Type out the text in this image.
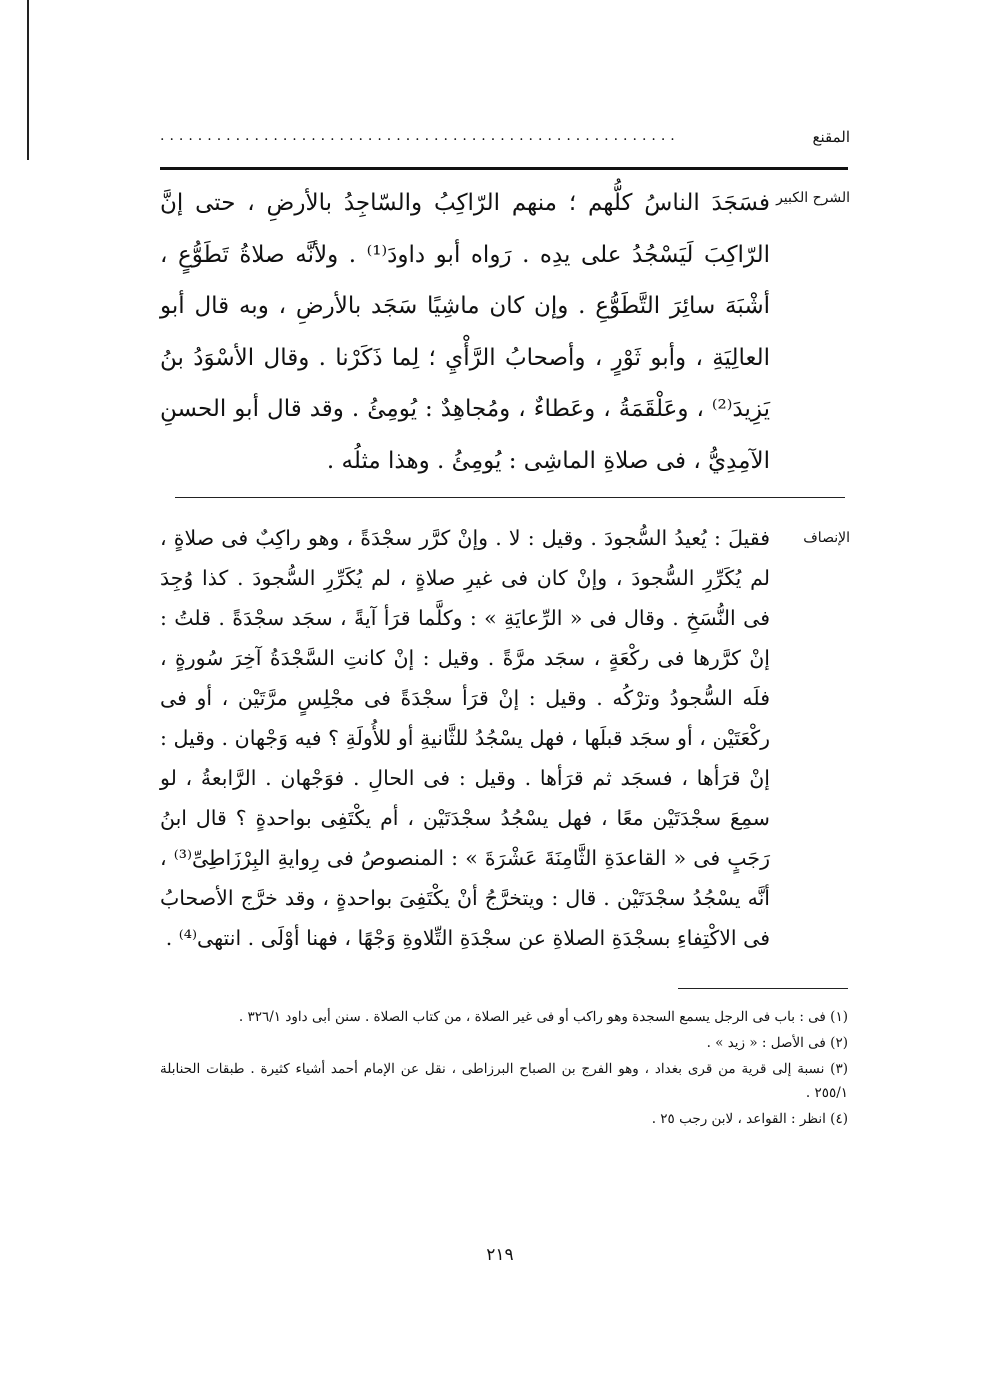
.......................................................	المقنع
الشرح الكبير
فسَجَدَ الناسُ كلُّهم ؛ منهم الرّاكِبُ والسّاجِدُ بالأرضِ ، حتى إنَّ الرّاكِبَ لَيَسْجُدُ على يدِه . رَواه أبو داودَ⁽¹⁾ . ولأنَّه صلاةُ تَطَوُّعٍ ، أشْبَهَ سائِرَ التَّطَوُّعِ . وإن كان ماشِيًا سَجَد بالأرضِ ، وبه قال أبو العالِيَةِ ، وأبو ثَوْرٍ ، وأصحابُ الرَّأْيِ ؛ لِما ذَكَرْنا . وقال الأسْوَدُ بنُ يَزِيدَ⁽²⁾ ، وعَلْقَمَةُ ، وعَطاءٌ ، ومُجاهِدٌ : يُومِئُ . وقد قال أبو الحسنِ الآمِدِيُّ ، فى صلاةِ الماشِى : يُومِئُ . وهذا مثلُه .
الإنصاف
فقيلَ : يُعيدُ السُّجودَ . وقيل : لا . وإنْ كرَّر سجْدَةً ، وهو راكِبٌ فى صلاةٍ ، لم يُكَرِّرِ السُّجودَ ، وإنْ كان فى غيرِ صلاةٍ ، لم يُكَرِّرِ السُّجودَ . كذا وُجِدَ فى النُّسَخِ . وقال فى « الرِّعايَةِ » : وكلَّما قرَأ آيةً ، سجَد سجْدَةً . قلتُ : إنْ كرَّرها فى ركْعَةٍ ، سجَد مرَّةً . وقيل : إنْ كانتِ السَّجْدَةُ آخِرَ سُورةٍ ، فلَه السُّجودُ وترْكُه . وقيل : إنْ قرَأ سجْدَةً فى مجْلِسٍ مرَّتَيْن ، أو فى ركْعَتَيْن ، أو سجَد قبلَها ، فهل يسْجُدُ للثَّانيةِ أو للأُولَةِ ؟ فيه وَجْهان . وقيل : إنْ قرَأها ، فسجَد ثم قرَأها . وقيل : فى الحالِ . فوَجْهان . الرَّابعةُ ، لو سمِعَ سجْدَتَيْن معًا ، فهل يسْجُدُ سجْدَتَيْن ، أم يكْتَفِى بواحدةٍ ؟ قال ابنُ رَجَبٍ فى « القاعدَةِ الثَّامِنَةَ عَشْرَةَ » : المنصوصُ فى رِوايةِ البِرْزَاطِىِّ⁽³⁾ ، أنَّه يسْجُدُ سجْدَتَيْن . قال : ويتخرَّجُ أنْ يكْتَفِىَ بواحدةٍ ، وقد خرَّج الأصحابُ فى الاكْتِفاءِ بسجْدَةِ الصلاةِ عن سجْدَةِ التِّلاوةِ وَجْهًا ، فهنا أوْلَى . انتهى⁽⁴⁾ .

(١) فى : باب فى الرجل يسمع السجدة وهو راكب أو فى غير الصلاة ، من كتاب الصلاة . سنن أبى داود ٣٢٦/١ .

(٢) فى الأصل : « زيد » .

(٣) نسبة إلى قرية من قرى بغداد ، وهو الفرج بن الصباح البرزاطى ، نقل عن الإمام أحمد أشياء كثيرة . طبقات الحنابلة ٢٥٥/١ .

(٤) انظر : القواعد ، لابن رجب ٢٥ .

٢١٩
